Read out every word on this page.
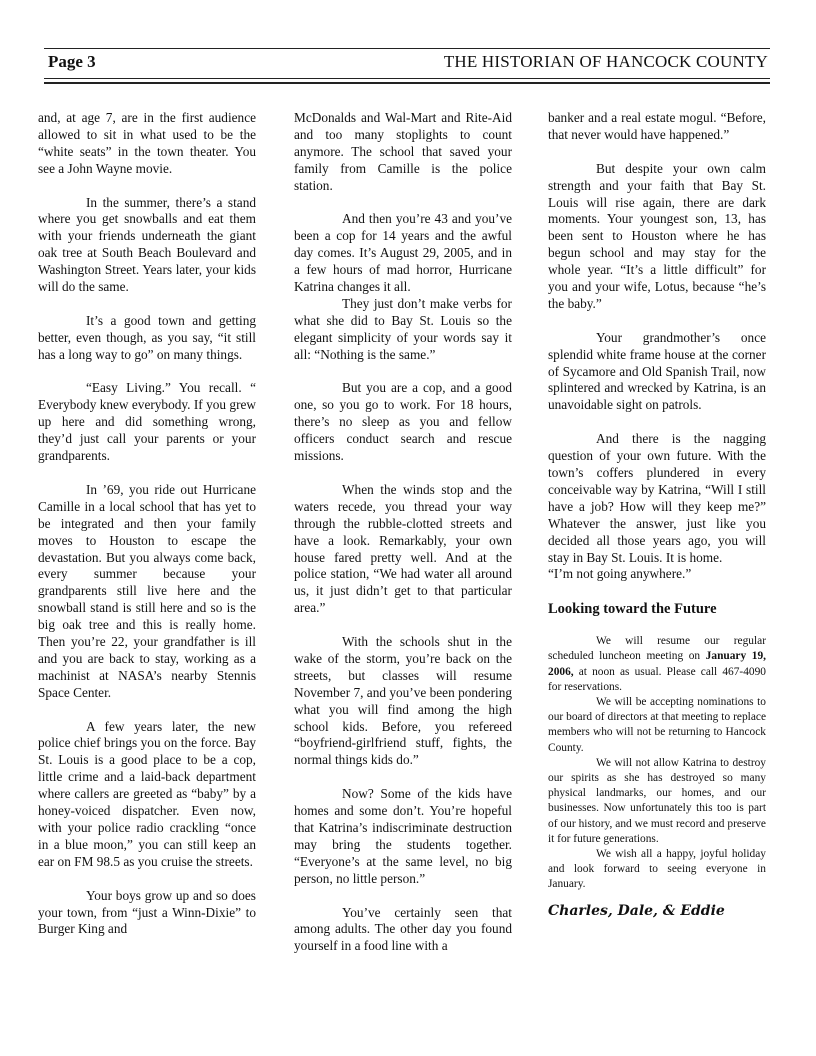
Page 3	THE HISTORIAN OF HANCOCK COUNTY

and, at age 7, are in the first audience allowed to sit in what used to be the “white seats” in the town theater. You see a John Wayne movie.

In the summer, there’s a stand where you get snowballs and eat them with your friends underneath the giant oak tree at South Beach Boulevard and Washington Street. Years later, your kids will do the same.

It’s a good town and getting better, even though, as you say, “it still has a long way to go” on many things.

“Easy Living.” You recall. “ Everybody knew everybody. If you grew up here and did something wrong, they’d just call your parents or your grandparents.

In ’69, you ride out Hurricane Camille in a local school that has yet to be integrated and then your family moves to Houston to escape the devastation. But you always come back, every summer because your grandparents still live here and the snowball stand is still here and so is the big oak tree and this is really home. Then you’re 22, your grandfather is ill and you are back to stay, working as a machinist at NASA’s nearby Stennis Space Center.

A few years later, the new police chief brings you on the force. Bay St. Louis is a good place to be a cop, little crime and a laid-back department where callers are greeted as “baby” by a honey-voiced dispatcher. Even now, with your police radio crackling “once in a blue moon,” you can still keep an ear on FM 98.5 as you cruise the streets.

Your boys grow up and so does your town, from “just a Winn-Dixie” to Burger King and

McDonalds and Wal-Mart and Rite-Aid and too many stoplights to count anymore. The school that saved your family from Camille is the police station.

And then you’re 43 and you’ve been a cop for 14 years and the awful day comes. It’s August 29, 2005, and in a few hours of mad horror, Hurricane Katrina changes it all.

They just don’t make verbs for what she did to Bay St. Louis so the elegant simplicity of your words say it all: “Nothing is the same.”

But you are a cop, and a good one, so you go to work. For 18 hours, there’s no sleep as you and fellow officers conduct search and rescue missions.

When the winds stop and the waters recede, you thread your way through the rubble-clotted streets and have a look. Remarkably, your own house fared pretty well. And at the police station, “We had water all around us, it just didn’t get to that particular area.”

With the schools shut in the wake of the storm, you’re back on the streets, but classes will resume November 7, and you’ve been pondering what you will find among the high school kids. Before, you refereed “boyfriend-girlfriend stuff, fights, the normal things kids do.”

Now? Some of the kids have homes and some don’t. You’re hopeful that Katrina’s indiscriminate destruction may bring the students together. “Everyone’s at the same level, no big person, no little person.”

You’ve certainly seen that among adults. The other day you found yourself in a food line with a

banker and a real estate mogul. “Before, that never would have happened.”

But despite your own calm strength and your faith that Bay St. Louis will rise again, there are dark moments. Your youngest son, 13, has been sent to Houston where he has begun school and may stay for the whole year. “It’s a little difficult” for you and your wife, Lotus, because “he’s the baby.”

Your grandmother’s once splendid white frame house at the corner of Sycamore and Old Spanish Trail, now splintered and wrecked by Katrina, is an unavoidable sight on patrols.

And there is the nagging question of your own future. With the town’s coffers plundered in every conceivable way by Katrina, “Will I still have a job? How will they keep me?” Whatever the answer, just like you decided all those years ago, you will stay in Bay St. Louis. It is home.

“I’m not going anywhere.”

Looking toward the Future

We will resume our regular scheduled luncheon meeting on January 19, 2006, at noon as usual. Please call 467-4090 for reservations.

We will be accepting nominations to our board of directors at that meeting to replace members who will not be returning to Hancock County.

We will not allow Katrina to destroy our spirits as she has destroyed so many physical landmarks, our homes, and our businesses. Now unfortunately this too is part of our history, and we must record and preserve it for future generations.

We wish all a happy, joyful holiday and look forward to seeing everyone in January.

Charles, Dale, & Eddie
